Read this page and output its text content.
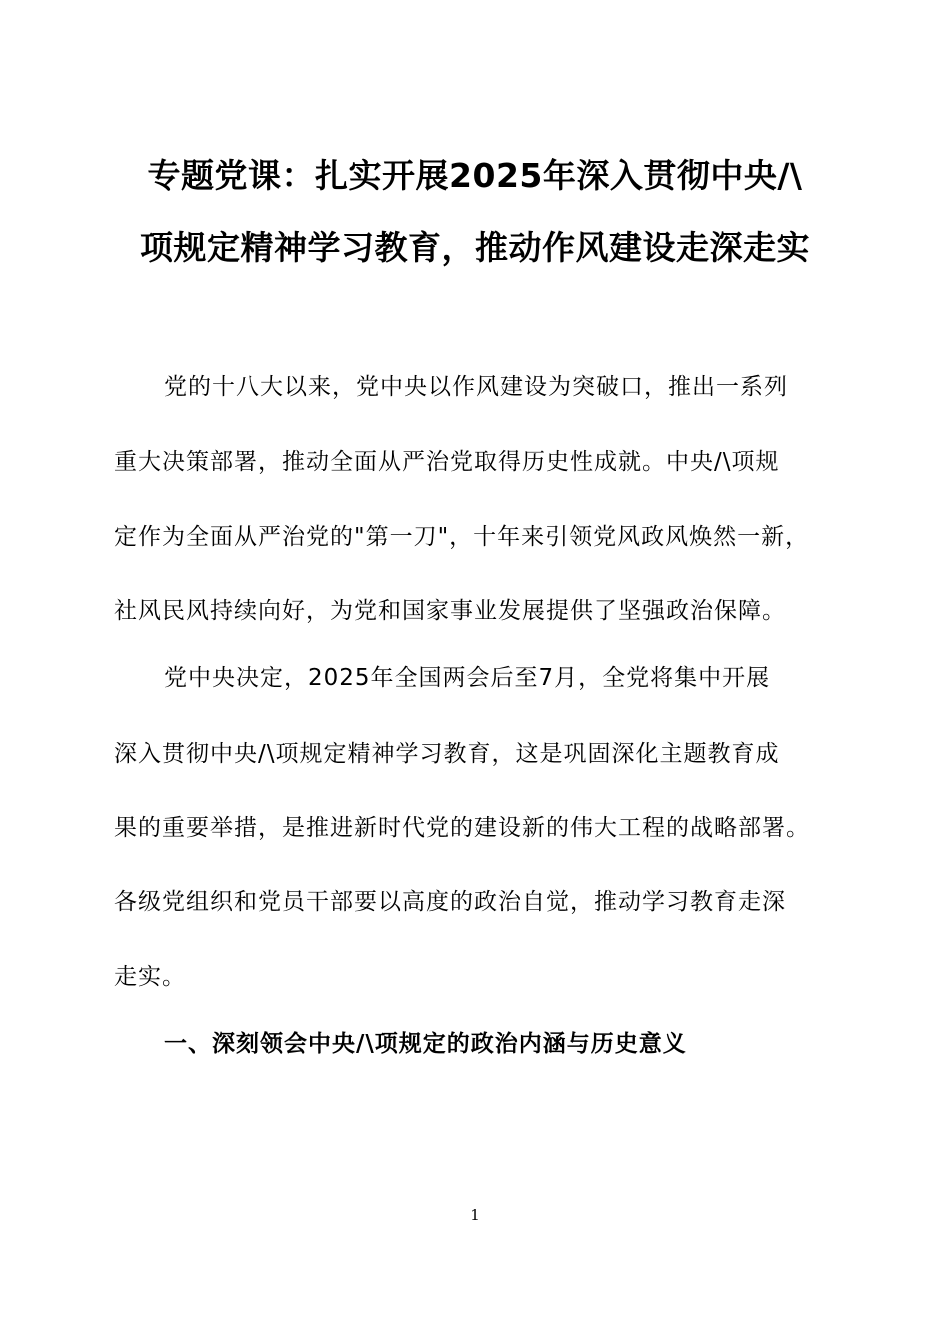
专题党课：扎实开展2025年深入贯彻中央/\
项规定精神学习教育，推动作风建设走深走实
党的十八大以来，党中央以作风建设为突破口，推出一系列
重大决策部署，推动全面从严治党取得历史性成就。中央/\项规
定作为全面从严治党的"第一刀"，十年来引领党风政风焕然一新，
社风民风持续向好，为党和国家事业发展提供了坚强政治保障。
党中央决定，2025年全国两会后至7月，全党将集中开展
深入贯彻中央/\项规定精神学习教育，这是巩固深化主题教育成
果的重要举措，是推进新时代党的建设新的伟大工程的战略部署。
各级党组织和党员干部要以高度的政治自觉，推动学习教育走深
走实。
一、深刻领会中央/\项规定的政治内涵与历史意义
1
